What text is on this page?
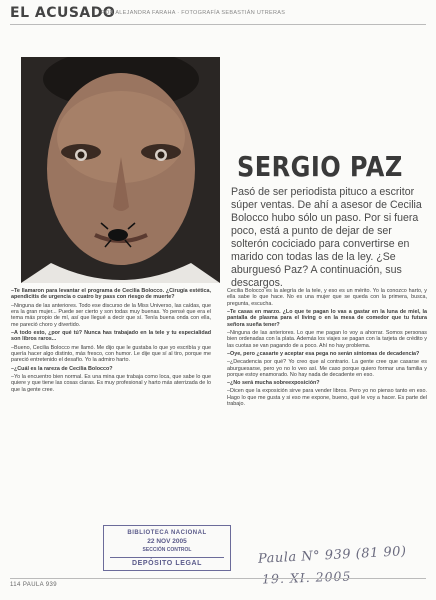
EL ACUSADO
POR ALEJANDRA FARAHA · FOTOGRAFÍA SEBASTIÁN UTRERAS
SERGIO PAZ
Pasó de ser periodista pituco a escritor súper ventas. De ahí a asesor de Cecilia Bolocco hubo sólo un paso. Por si fuera poco, está a punto de dejar de ser solterón cociciado para convertirse en marido con todas las de la ley. ¿Se aburguesó Paz? A continuación, sus descargos.

–Te llamaron para levantar el programa de Cecilia Bolocco. ¿Cirugía estética, apendicitis de urgencia o cuatro by pass con riesgo de muerte?

–Ninguna de las anteriores. Todo ese discurso de la Miss Universo, las caídas, que era la gran mujer... Puede ser cierto y son todas muy buenas. Yo pensé que era el tema más propio de mí, así que llegué a decir que sí. Tenía buena onda con ella, me pareció choro y divertido.

–A todo esto, ¿por qué tú? Nunca has trabajado en la tele y tu especialidad son libros raros...

–Bueno, Cecilia Bolocco me llamó. Me dijo que le gustaba lo que yo escribía y que quería hacer algo distinto, más fresco, con humor. Le dije que sí al tiro, porque me pareció entretenido el desafío. Yo la admiro harto.

–¿Cuál es la rareza de Cecilia Bolocco?

–Yo la encuentro bien normal. Es una mina que trabaja como loca, que sabe lo que quiere y que tiene las cosas claras. Es muy profesional y harto más aterrizada de lo que la gente cree.

Cecilia Bolocco es la alegría de la tele, y eso es un mérito. Yo la conozco harto, y ella sabe lo que hace. No es una mujer que se queda con la primera, busca, pregunta, escucha.

–Te casas en marzo. ¿Lo que te pagan lo vas a gastar en la luna de miel, la pantalla de plasma para el living o en la mesa de comedor que tu futura señora sueña tener?

–Ninguna de las anteriores. Lo que me pagan lo voy a ahorrar. Somos personas bien ordenadas con la plata. Además los viajes se pagan con la tarjeta de crédito y las cuotas se van pagando de a poco. Ahí no hay problema.

–Oye, pero ¿casarte y aceptar esa pega no serán síntomas de decadencia?

–¿Decadencia por qué? Yo creo que al contrario. La gente cree que casarse es aburguesarse, pero yo no lo veo así. Me caso porque quiero formar una familia y porque estoy enamorado. No hay nada de decadente en eso.

–¿No será mucha sobreexposición?

–Dicen que la exposición sirve para vender libros. Pero yo no pienso tanto en eso. Hago lo que me gusta y si eso me expone, bueno, qué le voy a hacer. Es parte del trabajo.

BIBLIOTECA NACIONAL
22 NOV 2005
SECCIÓN CONTROL
DEPÓSITO LEGAL	Paula N° 939 (81 90)
19. XI. 2005
114 PAULA 939
